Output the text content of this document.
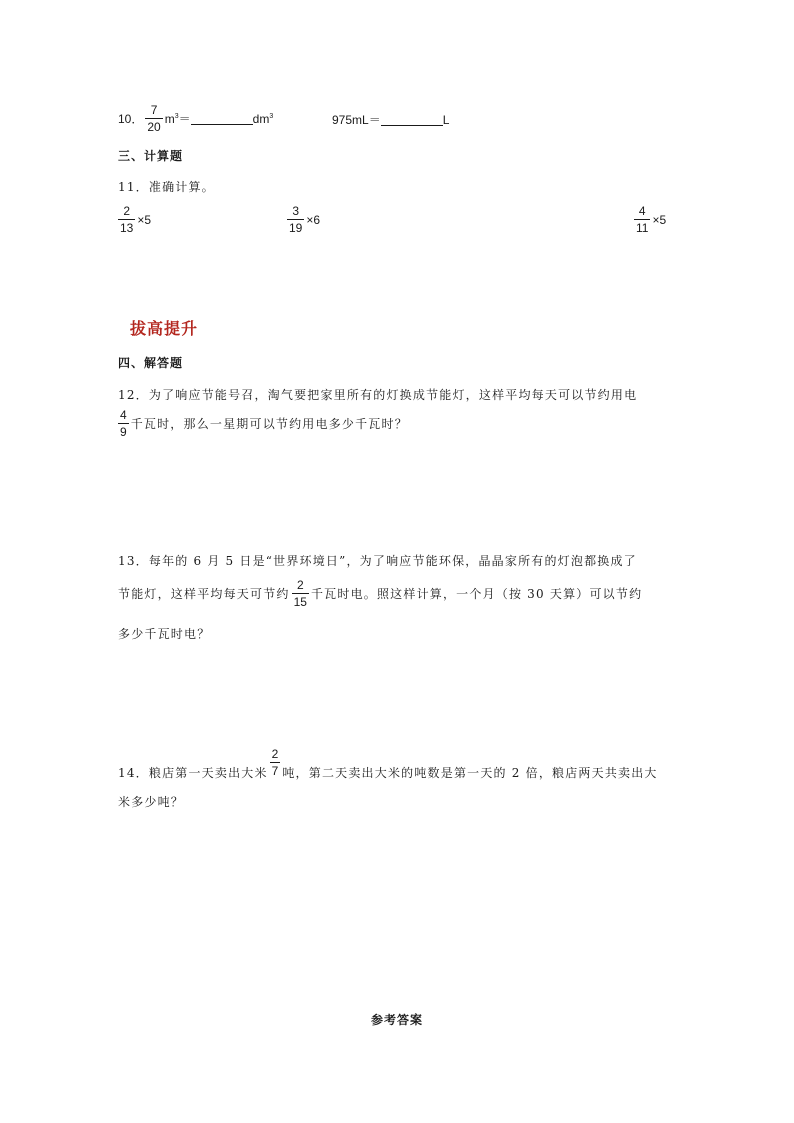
10． $\frac{7}{20} m^3$ ＝	$dm^3$	975mL＝	L
三、计算题
11．准确计算。
$\frac{2}{13} \times 5$	$\frac{3}{19} \times 6$	$\frac{4}{11} \times 5$
拔高提升
四、解答题
12．为了响应节能号召，淘气要把家里所有的灯换成节能灯，这样平均每天可以节约用电
$\frac{4}{9}$ 千瓦时，那么一星期可以节约用电多少千瓦时？
13．每年的 6 月 5 日是“世界环境日”，为了响应节能环保，晶晶家所有的灯泡都换成了
节能灯，这样平均每天可节约 $\frac{2}{15}$ 千瓦时电。照这样计算，一个月（按 30 天算）可以节约
多少千瓦时电？
14．粮店第一天卖出大米 $\frac{2}{7}$ 吨，第二天卖出大米的吨数是第一天的 2 倍，粮店两天共卖出大
米多少吨？
参考答案
